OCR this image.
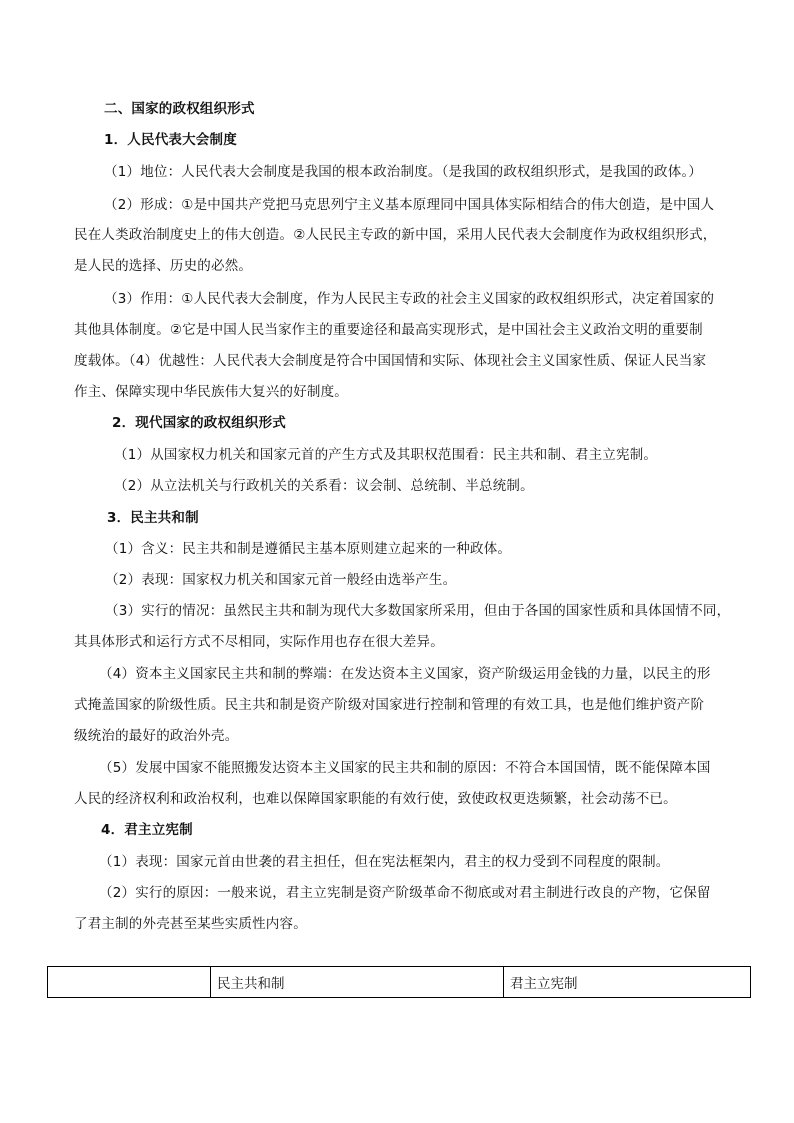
二、国家的政权组织形式

1．人民代表大会制度

（1）地位：人民代表大会制度是我国的根本政治制度。（是我国的政权组织形式，是我国的政体。）

（2）形成：①是中国共产党把马克思列宁主义基本原理同中国具体实际相结合的伟大创造，是中国人

民在人类政治制度史上的伟大创造。②人民民主专政的新中国，采用人民代表大会制度作为政权组织形式，

是人民的选择、历史的必然。

（3）作用：①人民代表大会制度，作为人民民主专政的社会主义国家的政权组织形式，决定着国家的

其他具体制度。②它是中国人民当家作主的重要途径和最高实现形式，是中国社会主义政治文明的重要制

度载体。（4）优越性：人民代表大会制度是符合中国国情和实际、体现社会主义国家性质、保证人民当家

作主、保障实现中华民族伟大复兴的好制度。

2．现代国家的政权组织形式

（1）从国家权力机关和国家元首的产生方式及其职权范围看：民主共和制、君主立宪制。

（2）从立法机关与行政机关的关系看：议会制、总统制、半总统制。

3．民主共和制

（1）含义：民主共和制是遵循民主基本原则建立起来的一种政体。

（2）表现：国家权力机关和国家元首一般经由选举产生。

（3）实行的情况：虽然民主共和制为现代大多数国家所采用，但由于各国的国家性质和具体国情不同，

其具体形式和运行方式不尽相同，实际作用也存在很大差异。

（4）资本主义国家民主共和制的弊端：在发达资本主义国家，资产阶级运用金钱的力量，以民主的形

式掩盖国家的阶级性质。民主共和制是资产阶级对国家进行控制和管理的有效工具，也是他们维护资产阶

级统治的最好的政治外壳。

（5）发展中国家不能照搬发达资本主义国家的民主共和制的原因：不符合本国国情，既不能保障本国

人民的经济权利和政治权利，也难以保障国家职能的有效行使，致使政权更迭频繁，社会动荡不已。

4．君主立宪制

（1）表现：国家元首由世袭的君主担任，但在宪法框架内，君主的权力受到不同程度的限制。

（2）实行的原因：一般来说，君主立宪制是资产阶级革命不彻底或对君主制进行改良的产物，它保留

了君主制的外壳甚至某些实质性内容。

	民主共和制	君主立宪制
